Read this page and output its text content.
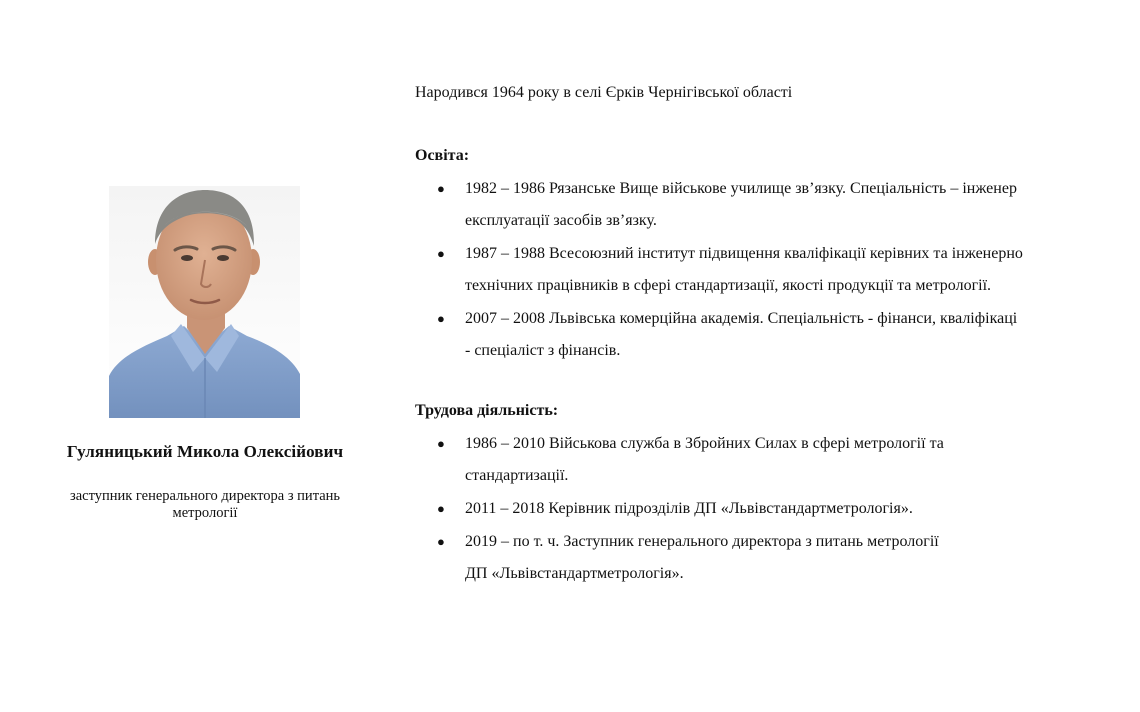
Гуляницький Микола Олексійович
заступник генерального директора з питань метрології
Народився 1964 року в селі Єрків Чернігівської області
Освіта:
● 1982 – 1986 Рязанське Вище військове училище зв’язку. Спеціальність – інженер
експлуатації засобів зв’язку.
● 1987 – 1988 Всесоюзний інститут підвищення кваліфікації керівних та інженерно
технічних працівників в сфері стандартизації, якості продукції та метрології.
● 2007 – 2008 Львівська комерційна академія. Спеціальність - фінанси, кваліфікаці
- спеціаліст з фінансів.
Трудова діяльність:
● 1986 – 2010 Військова служба в Збройних Силах в сфері метрології та
стандартизації.
● 2011 – 2018 Керівник підрозділів ДП «Львівстандартметрологія».
● 2019 – по т. ч. Заступник генерального директора з питань метрології
ДП «Львівстандартметрологія».
